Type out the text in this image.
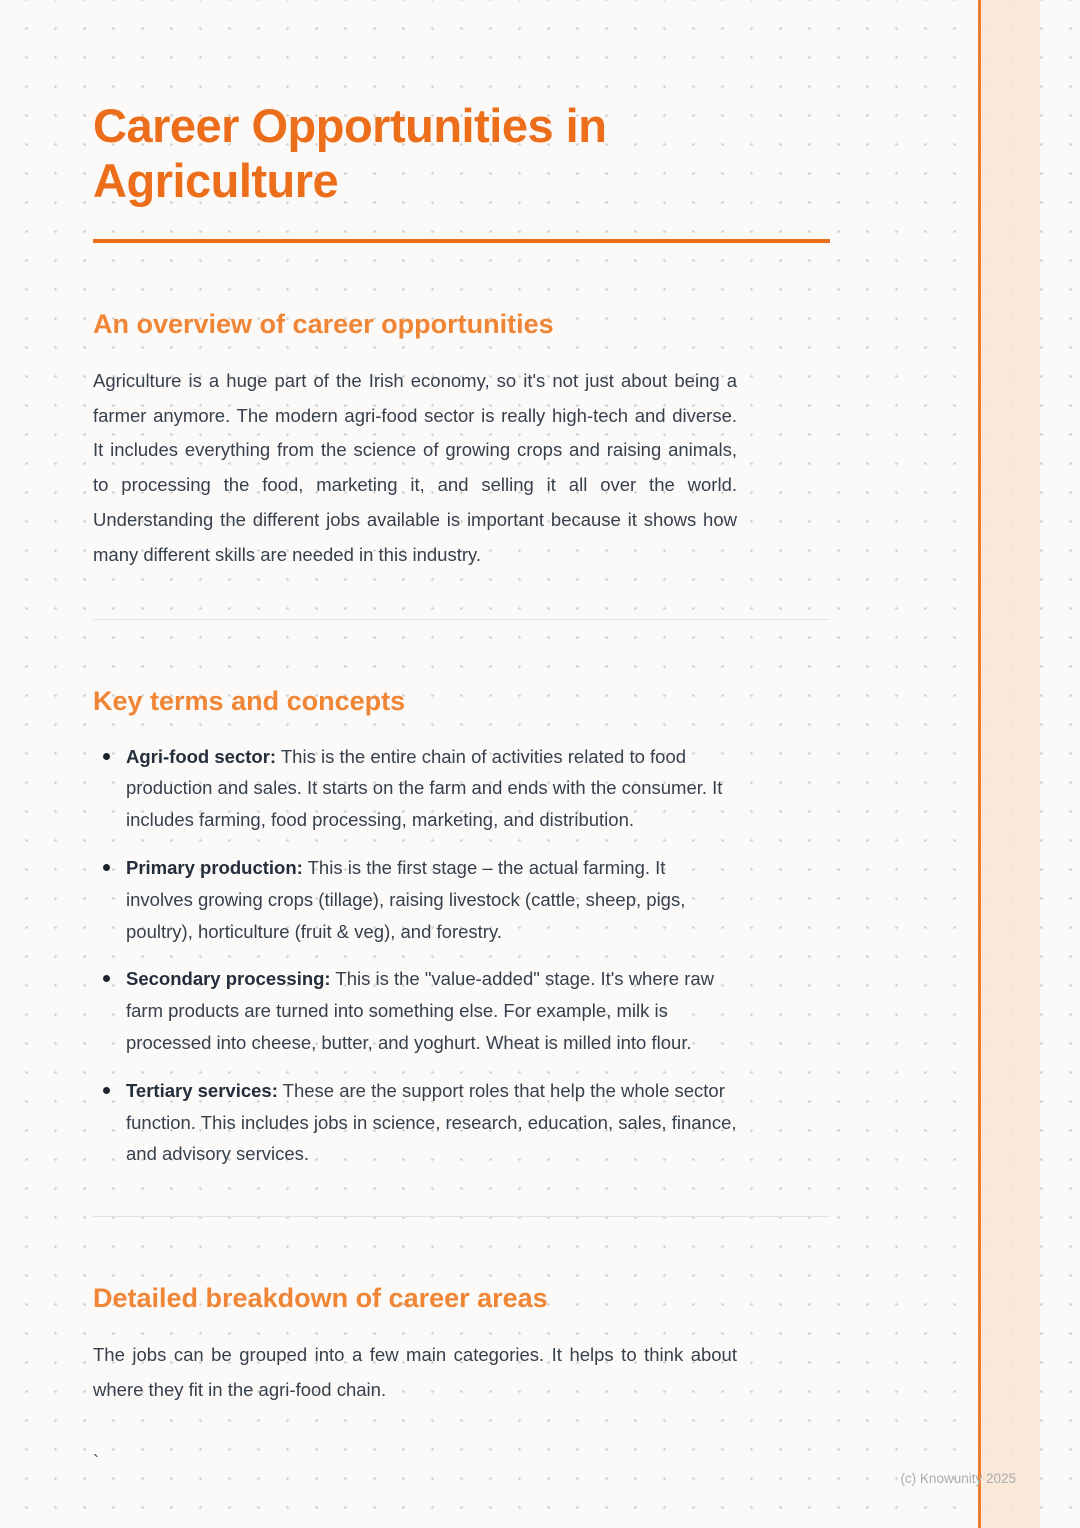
Career Opportunities in Agriculture
An overview of career opportunities

Agriculture is a huge part of the Irish economy, so it's not just about being a farmer anymore. The modern agri-food sector is really high-tech and diverse. It includes everything from the science of growing crops and raising animals, to processing the food, marketing it, and selling it all over the world. Understanding the different jobs available is important because it shows how many different skills are needed in this industry.

Key terms and concepts
Agri-food sector: This is the entire chain of activities related to food production and sales. It starts on the farm and ends with the consumer. It includes farming, food processing, marketing, and distribution.
Primary production: This is the first stage – the actual farming. It involves growing crops (tillage), raising livestock (cattle, sheep, pigs, poultry), horticulture (fruit & veg), and forestry.
Secondary processing: This is the "value-added" stage. It's where raw farm products are turned into something else. For example, milk is processed into cheese, butter, and yoghurt. Wheat is milled into flour.
Tertiary services: These are the support roles that help the whole sector function. This includes jobs in science, research, education, sales, finance, and advisory services.
Detailed breakdown of career areas

The jobs can be grouped into a few main categories. It helps to think about where they fit in the agri-food chain.

`
(c) Knowunity 2025
